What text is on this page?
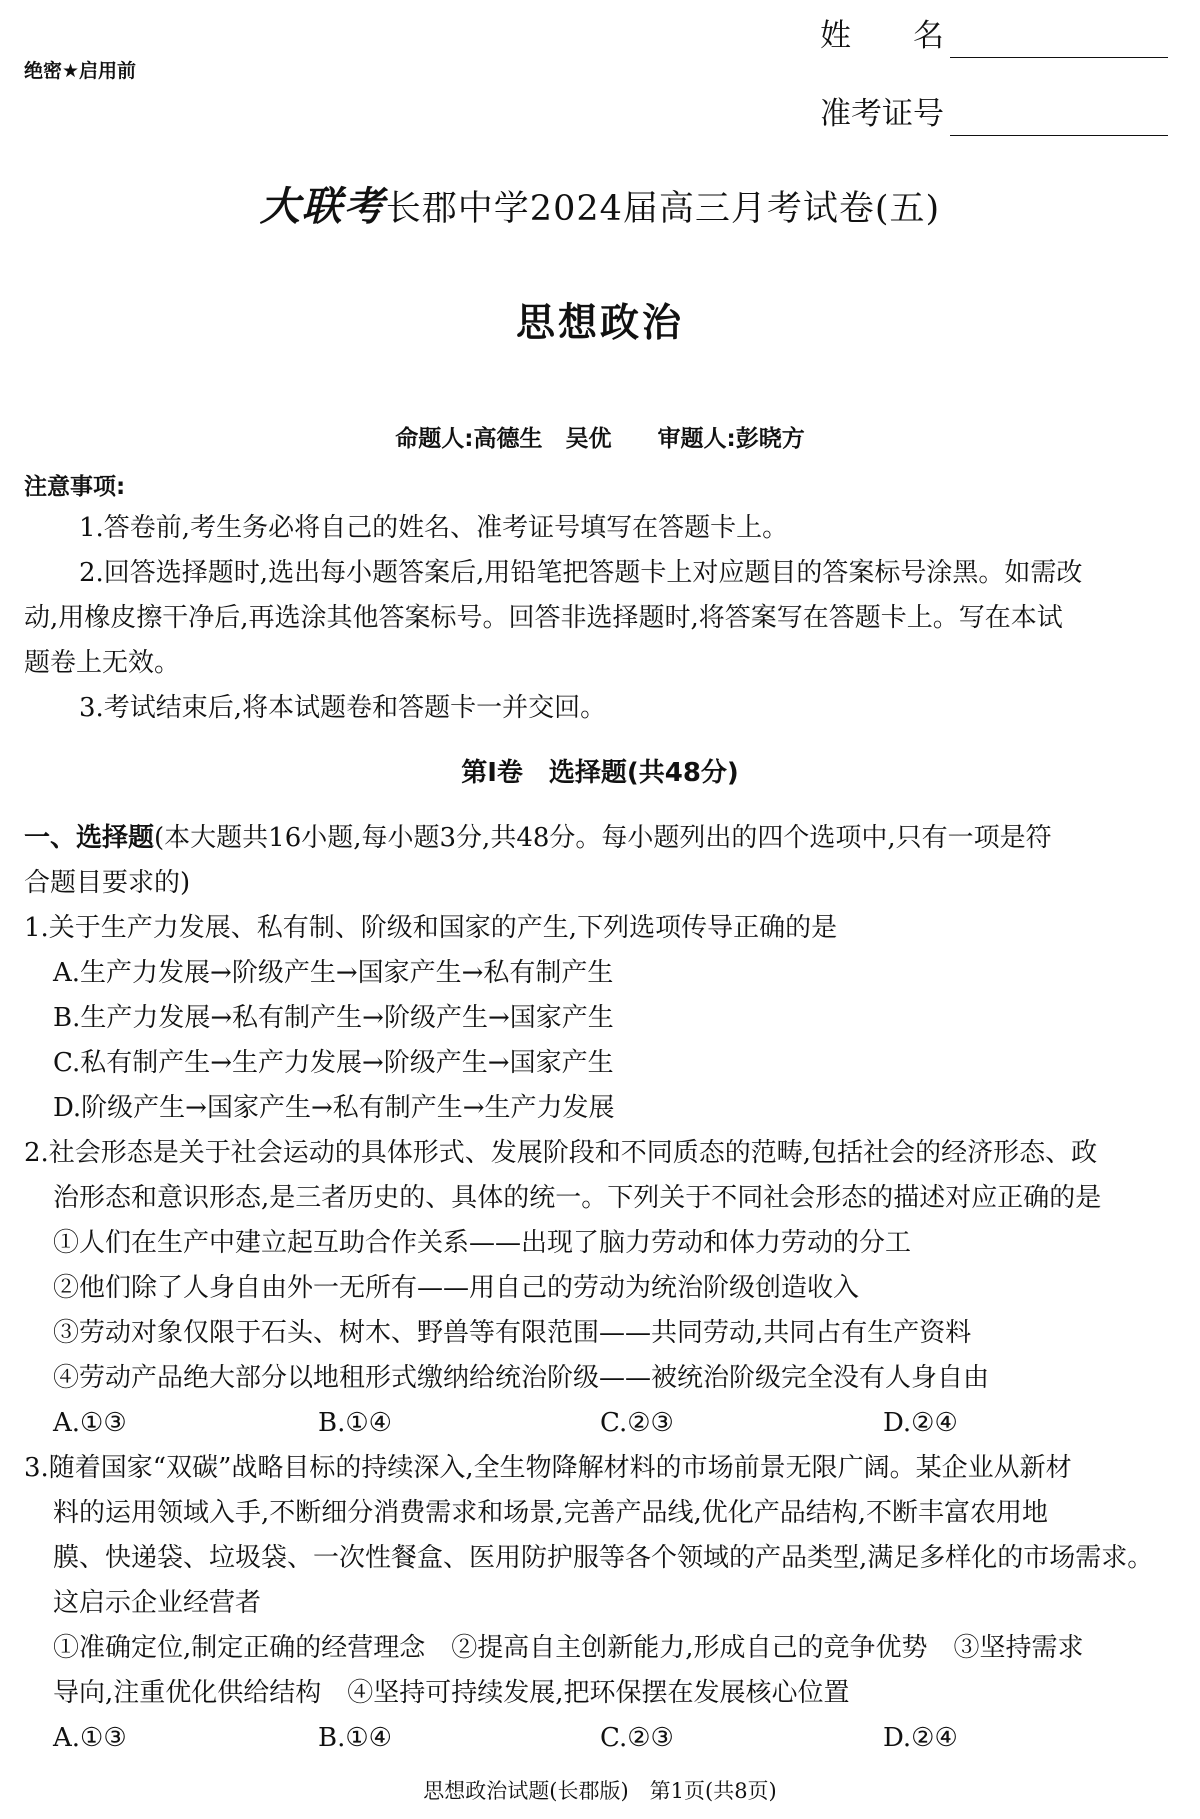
绝密★启用前
姓　　名
准考证号
大联考长郡中学2024届高三月考试卷(五)
思想政治
命题人:高德生　吴优　　审题人:彭晓方
注意事项:
1.答卷前,考生务必将自己的姓名、准考证号填写在答题卡上。
2.回答选择题时,选出每小题答案后,用铅笔把答题卡上对应题目的答案标号涂黑。如需改
动,用橡皮擦干净后,再选涂其他答案标号。回答非选择题时,将答案写在答题卡上。写在本试
题卷上无效。
3.考试结束后,将本试题卷和答题卡一并交回。
第Ⅰ卷　选择题(共48分)
一、选择题(本大题共16小题,每小题3分,共48分。每小题列出的四个选项中,只有一项是符
合题目要求的)
1.关于生产力发展、私有制、阶级和国家的产生,下列选项传导正确的是
A.生产力发展→阶级产生→国家产生→私有制产生
B.生产力发展→私有制产生→阶级产生→国家产生
C.私有制产生→生产力发展→阶级产生→国家产生
D.阶级产生→国家产生→私有制产生→生产力发展
2.社会形态是关于社会运动的具体形式、发展阶段和不同质态的范畴,包括社会的经济形态、政
治形态和意识形态,是三者历史的、具体的统一。下列关于不同社会形态的描述对应正确的是
①人们在生产中建立起互助合作关系——出现了脑力劳动和体力劳动的分工
②他们除了人身自由外一无所有——用自己的劳动为统治阶级创造收入
③劳动对象仅限于石头、树木、野兽等有限范围——共同劳动,共同占有生产资料
④劳动产品绝大部分以地租形式缴纳给统治阶级——被统治阶级完全没有人身自由
A.①③	B.①④	C.②③	D.②④
3.随着国家“双碳”战略目标的持续深入,全生物降解材料的市场前景无限广阔。某企业从新材
料的运用领域入手,不断细分消费需求和场景,完善产品线,优化产品结构,不断丰富农用地
膜、快递袋、垃圾袋、一次性餐盒、医用防护服等各个领域的产品类型,满足多样化的市场需求。
这启示企业经营者
①准确定位,制定正确的经营理念　②提高自主创新能力,形成自己的竞争优势　③坚持需求
导向,注重优化供给结构　④坚持可持续发展,把环保摆在发展核心位置
A.①③	B.①④	C.②③	D.②④
思想政治试题(长郡版)　第1页(共8页)
